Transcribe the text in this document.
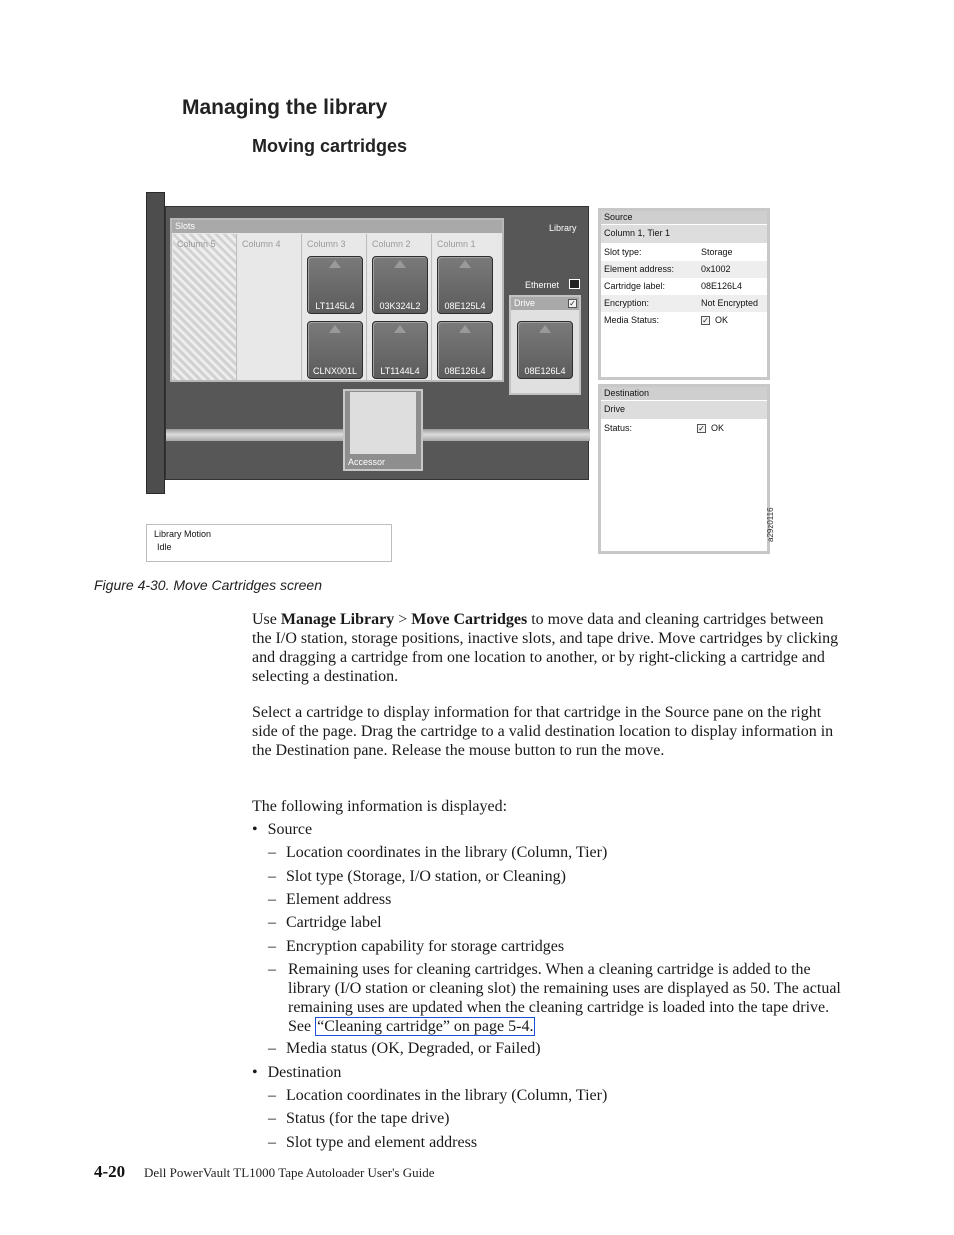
Managing the library
Moving cartridges
Slots
Column 5	Column 4	Column 3
LT1145L4
CLNX001L
Column 2
03K324L2
LT1144L4
Column 1
08E125L4
08E126L4
Library
Ethernet
Drive	✓
08E126L4
Accessor
Source
Column 1, Tier 1
Slot type:	Storage
Element address:	0x1002
Cartridge label:	08E126L4
Encryption:	Not Encrypted
Media Status:	✓ OK
Destination
Drive
Status:	✓ OK
Library Motion
Idle
a29z0116
Figure 4-30. Move Cartridges screen
Use Manage Library > Move Cartridges to move data and cleaning cartridges between the I/O station, storage positions, inactive slots, and tape drive. Move cartridges by clicking and dragging a cartridge from one location to another, or by right-clicking a cartridge and selecting a destination.
Select a cartridge to display information for that cartridge in the Source pane on the right side of the page. Drag the cartridge to a valid destination location to display information in the Destination pane. Release the mouse button to run the move.
The following information is displayed:
• Source
– Location coordinates in the library (Column, Tier)
– Slot type (Storage, I/O station, or Cleaning)
– Element address
– Cartridge label
– Encryption capability for storage cartridges
– Remaining uses for cleaning cartridges. When a cleaning cartridge is added to the library (I/O station or cleaning slot) the remaining uses are displayed as 50. The actual remaining uses are updated when the cleaning cartridge is loaded into the tape drive. See “Cleaning cartridge” on page 5-4.
– Media status (OK, Degraded, or Failed)
• Destination
– Location coordinates in the library (Column, Tier)
– Status (for the tape drive)
– Slot type and element address
4-20 Dell PowerVault TL1000 Tape Autoloader User's Guide
